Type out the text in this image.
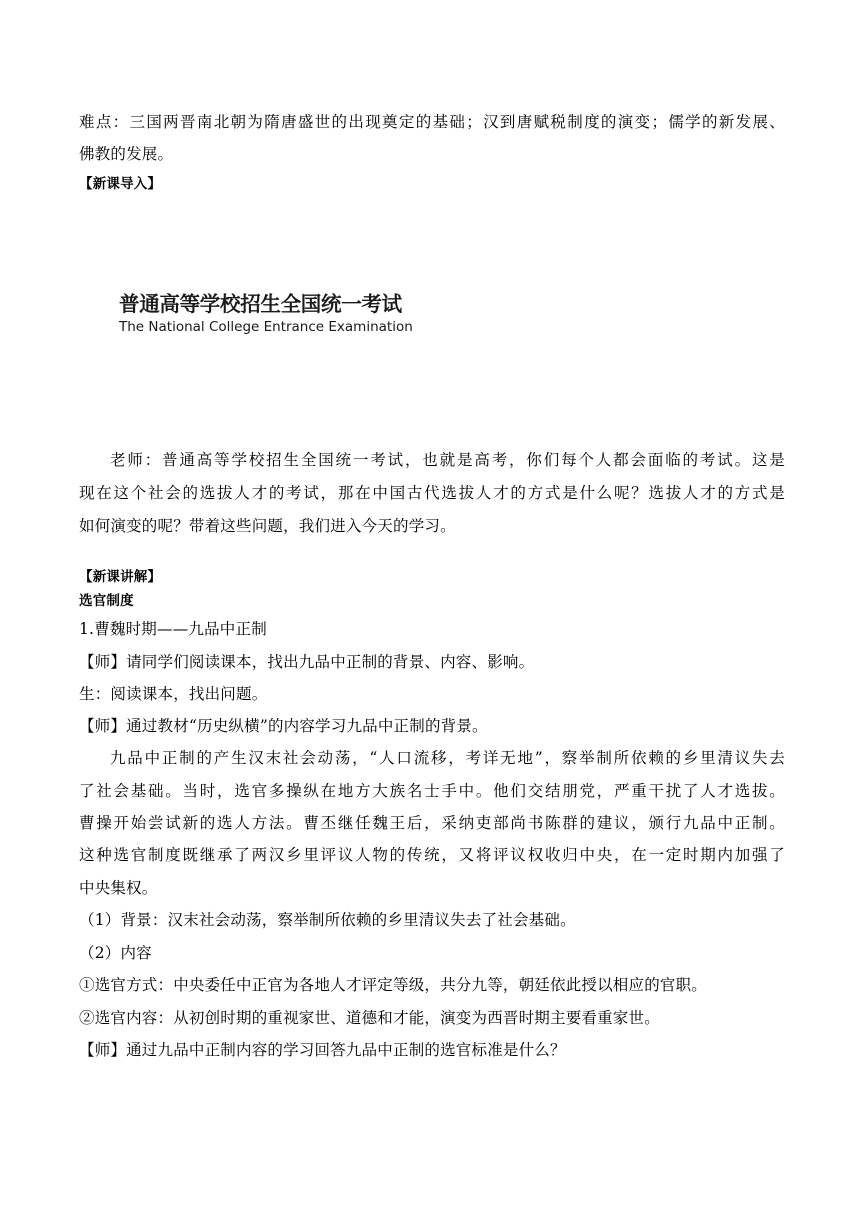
难点：三国两晋南北朝为隋唐盛世的出现奠定的基础；汉到唐赋税制度的演变；儒学的新发展、
佛教的发展。
【新课导入】
老师：普通高等学校招生全国统一考试，也就是高考，你们每个人都会面临的考试。这是
现在这个社会的选拔人才的考试，那在中国古代选拔人才的方式是什么呢？选拔人才的方式是
如何演变的呢？带着这些问题，我们进入今天的学习。
【新课讲解】
选官制度
1.曹魏时期——九品中正制
【师】请同学们阅读课本，找出九品中正制的背景、内容、影响。
生：阅读课本，找出问题。
【师】通过教材“历史纵横”的内容学习九品中正制的背景。
九品中正制的产生汉末社会动荡，“人口流移，考详无地”，察举制所依赖的乡里清议失去
了社会基础。当时，选官多操纵在地方大族名士手中。他们交结朋党，严重干扰了人才选拔。
曹操开始尝试新的选人方法。曹丕继任魏王后，采纳吏部尚书陈群的建议，颁行九品中正制。
这种选官制度既继承了两汉乡里评议人物的传统，又将评议权收归中央，在一定时期内加强了
中央集权。
（1）背景：汉末社会动荡，察举制所依赖的乡里清议失去了社会基础。
（2）内容
①选官方式：中央委任中正官为各地人才评定等级，共分九等，朝廷依此授以相应的官职。
②选官内容：从初创时期的重视家世、道德和才能，演变为西晋时期主要看重家世。
【师】通过九品中正制内容的学习回答九品中正制的选官标准是什么？
普通高等学校招生全国统一考试
The National College Entrance Examination
